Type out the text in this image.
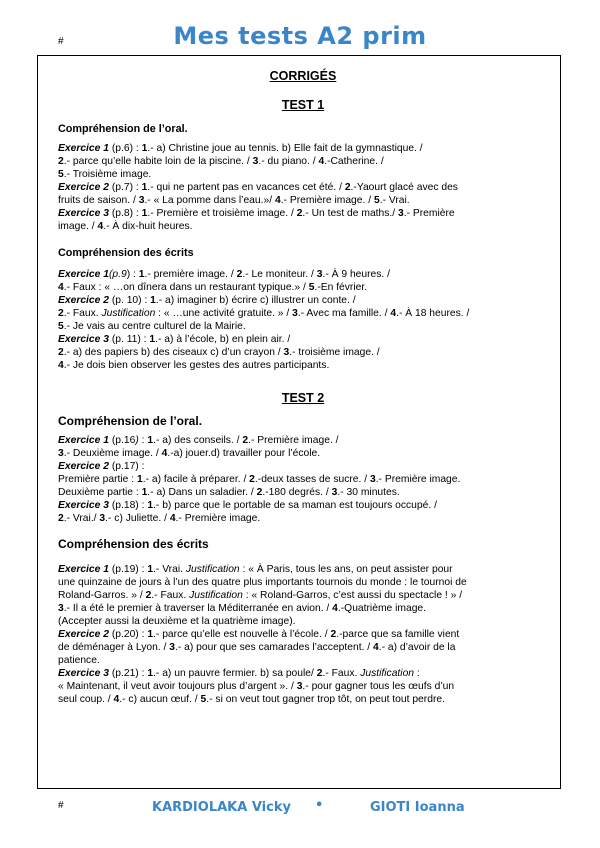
#	Mes tests A2 prim
CORRIGÉS
TEST 1
Compréhension de l’oral.
Exercice 1 (p.6) : 1.- a) Christine joue au tennis. b) Elle fait de la gymnastique. /
2.- parce qu’elle habite loin de la piscine. / 3.- du piano. / 4.-Catherine. /
5.- Troisième image.
Exercice 2 (p.7) : 1.- qui ne partent pas en vacances cet été. / 2.-Yaourt glacé avec des
fruits de saison. / 3.- « La pomme dans l’eau.»/ 4.- Première image. / 5.- Vrai.
Exercice 3 (p.8) : 1.- Première et troisième image. / 2.- Un test de maths./ 3.- Première
image. / 4.- À dix-huit heures.
Compréhension des écrits
Exercice 1(p.9) : 1.- première image. / 2.- Le moniteur. / 3.- À 9 heures. /
4.- Faux : « …on dînera dans un restaurant typique.» / 5.-En février.
Exercice 2 (p. 10) : 1.- a) imaginer b) écrire c) illustrer un conte. /
2.- Faux. Justification : « …une activité gratuite. » / 3.- Avec ma famille. / 4.- À 18 heures. /
5.- Je vais au centre culturel de la Mairie.
Exercice 3 (p. 11) : 1.- a) à l’école, b) en plein air. /
2.- a) des papiers b) des ciseaux c) d’un crayon / 3.- troisième image. /
4.- Je dois bien observer les gestes des autres participants.
TEST 2
Compréhension de l’oral.
Exercice 1 (p.16) : 1.- a) des conseils. / 2.- Première image. /
3.- Deuxième image. / 4.-a) jouer.d) travailler pour l’école.
Exercice 2 (p.17) :
Première partie : 1.- a) facile à préparer. / 2.-deux tasses de sucre. / 3.- Première image.
Deuxième partie : 1.- a) Dans un saladier. / 2.-180 degrés. / 3.- 30 minutes.
Exercice 3 (p.18) : 1.- b) parce que le portable de sa maman est toujours occupé. /
2.- Vrai./ 3.- c) Juliette. / 4.- Première image.
Compréhension des écrits
Exercice 1 (p.19) : 1.- Vrai. Justification : « À Paris, tous les ans, on peut assister pour
une quinzaine de jours à l’un des quatre plus importants tournois du monde : le tournoi de
Roland-Garros. » / 2.- Faux. Justification : « Roland-Garros, c’est aussi du spectacle ! » /
3.- Il a été le premier à traverser la Méditerranée en avion. / 4.-Quatrième image.
(Accepter aussi la deuxième et la quatrième image).
Exercice 2 (p.20) : 1.- parce qu’elle est nouvelle à l’école. / 2.-parce que sa famille vient
de déménager à Lyon. / 3.- a) pour que ses camarades l’acceptent. / 4.- a) d’avoir de la
patience.
Exercice 3 (p.21) : 1.- a) un pauvre fermier. b) sa poule/ 2.- Faux. Justification :
« Maintenant, il veut avoir toujours plus d’argent ». / 3.- pour gagner tous les œufs d’un
seul coup. / 4.- c) aucun œuf. / 5.- si on veut tout gagner trop tôt, on peut tout perdre.
#	KARDIOLAKA Vicky •	GIOTI Ioanna
